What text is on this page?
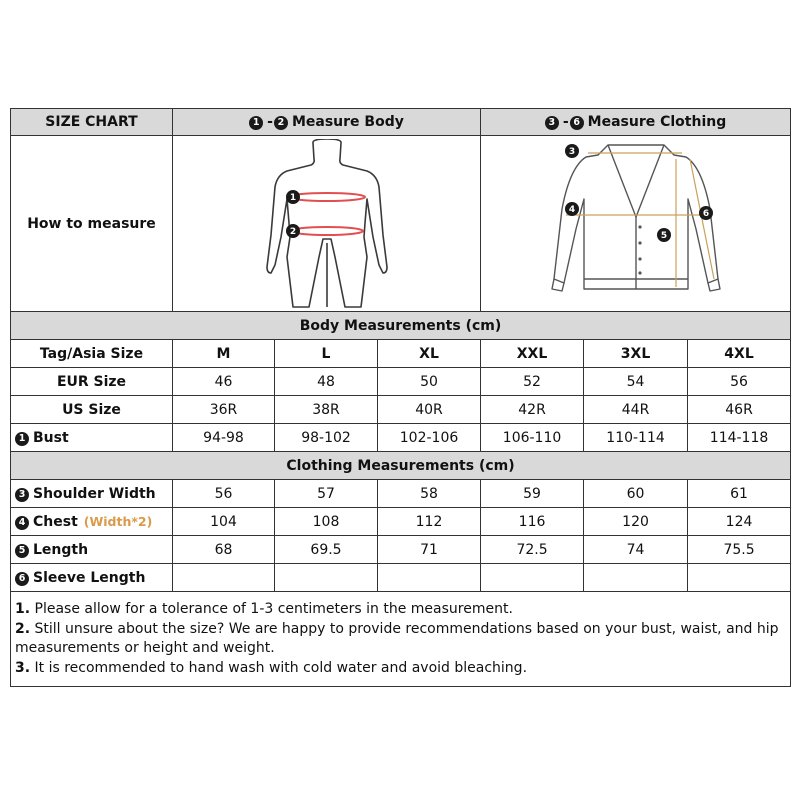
SIZE CHART	1 - 2 Measure Body			3 - 6 Measure Clothing		
How to measure	1
2			3
4
5
6		

Body Measurements (cm)						
Tag/Asia Size	M	L	XL	XXL	3XL	4XL
EUR Size	46	48	50	52	54	56
US Size	36R	38R	40R	42R	44R	46R
1 Bust	94-98	98-102	102-106	106-110	110-114	114-118
Clothing Measurements (cm)						
3 Shoulder Width	56	57	58	59	60	61
4 Chest (Width*2)	104	108	112	116	120	124
5 Length	68	69.5	71	72.5	74	75.5
6 Sleeve Length						

1. Please allow for a tolerance of 1-3 centimeters in the measurement.

2. Still unsure about the size? We are happy to provide recommendations based on your bust, waist, and hip measurements or height and weight.

3. It is recommended to hand wash with cold water and avoid bleaching.						
